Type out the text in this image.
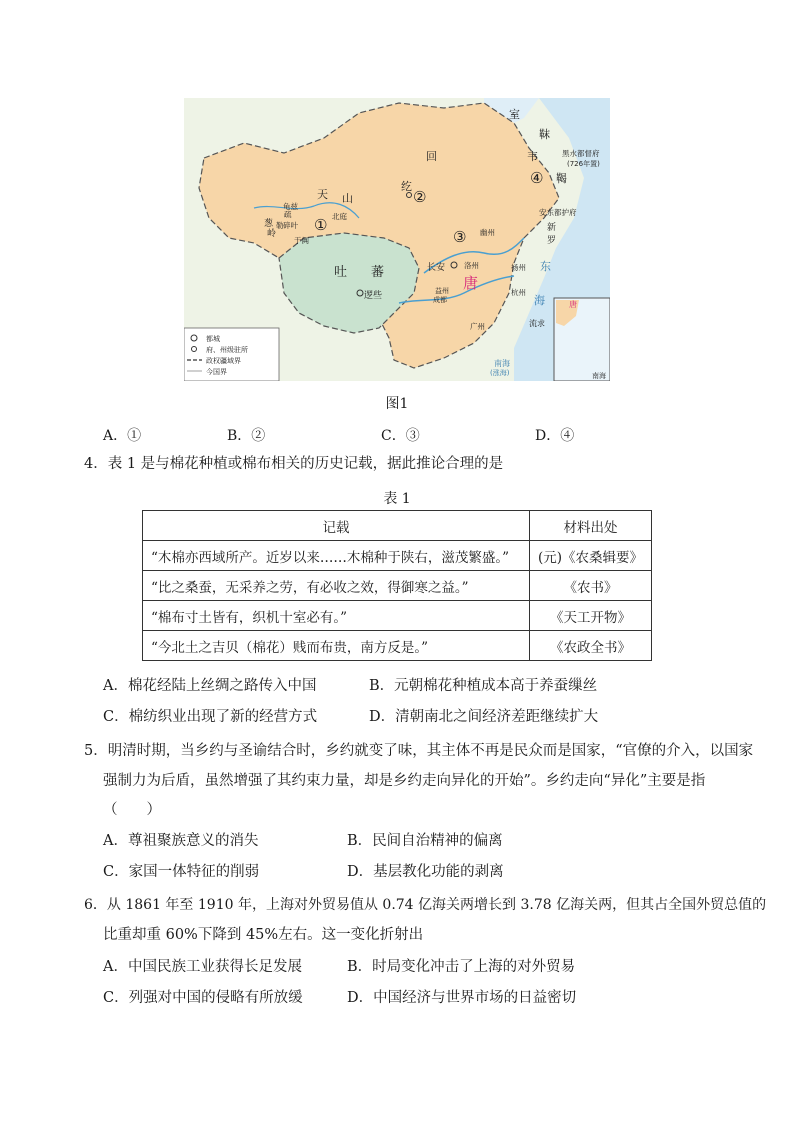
都城
府、州级驻所
政权疆域界
今国界
室
靺
韦
鞨
黑水都督府
(726年置)
回
纥
天 山
龟兹
疏
葱 勒 碎叶
岭
于阗
北庭
幽州
安东都护府
新
罗
吐 蕃
逻些
长安	洛州	扬州
唐
益州
成都
杭州
广州
东
海
流求
南海
(涨海)
唐
南海
①
②
③
④
图1
A．①	B．②	C．③	D．④
4．表 1 是与棉花种植或棉布相关的历史记载，据此推论合理的是
表 1
记载	材料出处
“木棉亦西域所产。近岁以来……木棉种于陕右，滋茂繁盛。”	(元)《农桑辑要》
“比之桑蚕，无采养之劳，有必收之效，得御寒之益。”	《农书》
“棉布寸土皆有，织机十室必有。”	《天工开物》
“今北土之吉贝（棉花）贱而布贵，南方反是。”	《农政全书》
A．棉花经陆上丝绸之路传入中国	B．元朝棉花种植成本高于养蚕缫丝
C．棉纺织业出现了新的经营方式	D．清朝南北之间经济差距继续扩大
5．明清时期，当乡约与圣谕结合时，乡约就变了味，其主体不再是民众而是国家，“官僚的介入，以国家
强制力为后盾，虽然增强了其约束力量，却是乡约走向异化的开始”。乡约走向“异化”主要是指
（　　）
A．尊祖聚族意义的消失	B．民间自治精神的偏离
C．家国一体特征的削弱	D．基层教化功能的剥离
6．从 1861 年至 1910 年，上海对外贸易值从 0.74 亿海关两增长到 3.78 亿海关两，但其占全国外贸总值的
比重却重 60%下降到 45%左右。这一变化折射出
A．中国民族工业获得长足发展	B．时局变化冲击了上海的对外贸易
C．列强对中国的侵略有所放缓	D．中国经济与世界市场的日益密切
